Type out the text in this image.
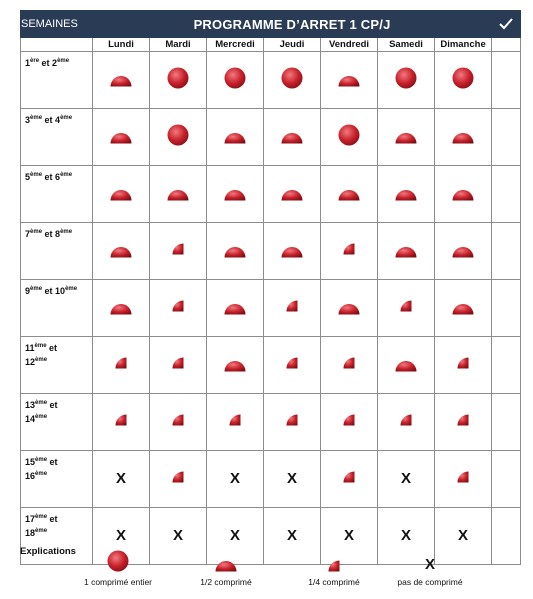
SEMAINES	PROGRAMME D’ARRET 1 CP/J	

	Lundi	Mardi	Mercredi	Jeudi	Vendredi	Samedi	Dimanche	
1ère et 2ème	

3ème et 4ème	

5ème et 6ème	

7ème et 8ème	

9ème et 10ème	

11ème et
12ème

13ème et
14ème

15ème et
16ème	X		X	X		X	

17ème et
18ème	X	X	X	X	X	X	X	
Explications
1 comprimé entier	1/2 comprimé	1/4 comprimé
X
pas de comprimé
